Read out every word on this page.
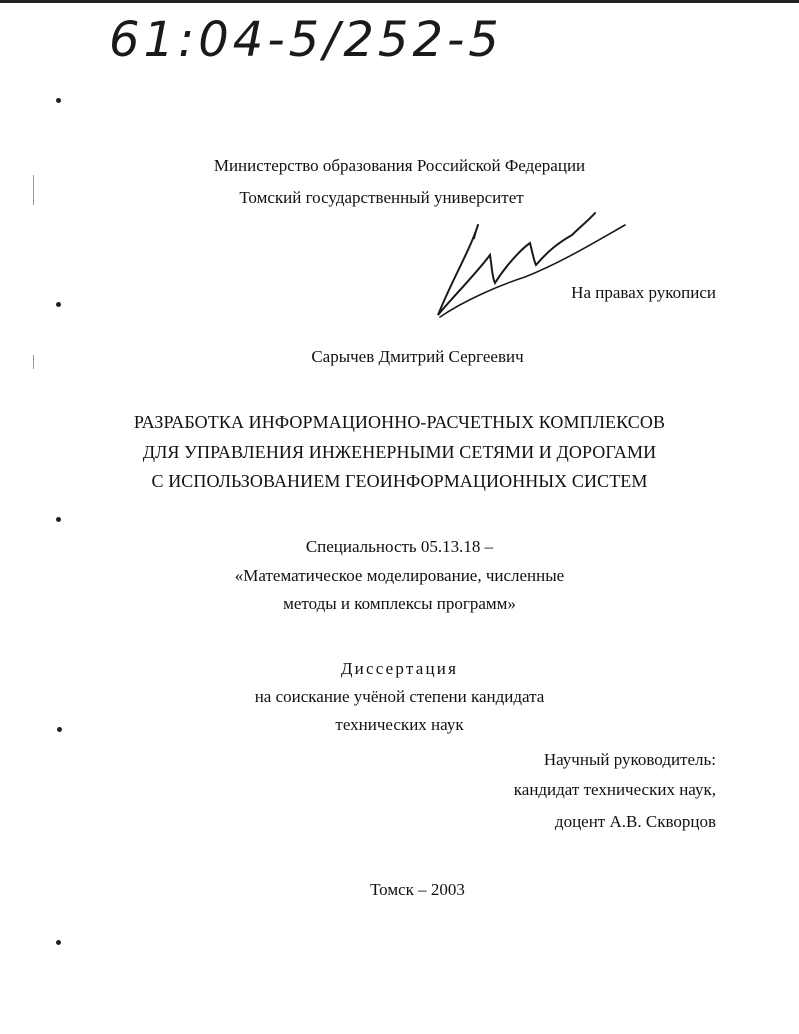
61:04-5/252-5
Министерство образования Российской Федерации
Томский государственный университет
На правах рукописи
Сарычев Дмитрий Сергеевич
РАЗРАБОТКА ИНФОРМАЦИОННО-РАСЧЕТНЫХ КОМПЛЕКСОВ
ДЛЯ УПРАВЛЕНИЯ ИНЖЕНЕРНЫМИ СЕТЯМИ И ДОРОГАМИ
С ИСПОЛЬЗОВАНИЕМ ГЕОИНФОРМАЦИОННЫХ СИСТЕМ
Специальность 05.13.18 –
«Математическое моделирование, численные
методы и комплексы программ»
Диссертация
на соискание учёной степени кандидата
технических наук
Научный руководитель:
кандидат технических наук,
доцент А.В. Скворцов
Томск – 2003
